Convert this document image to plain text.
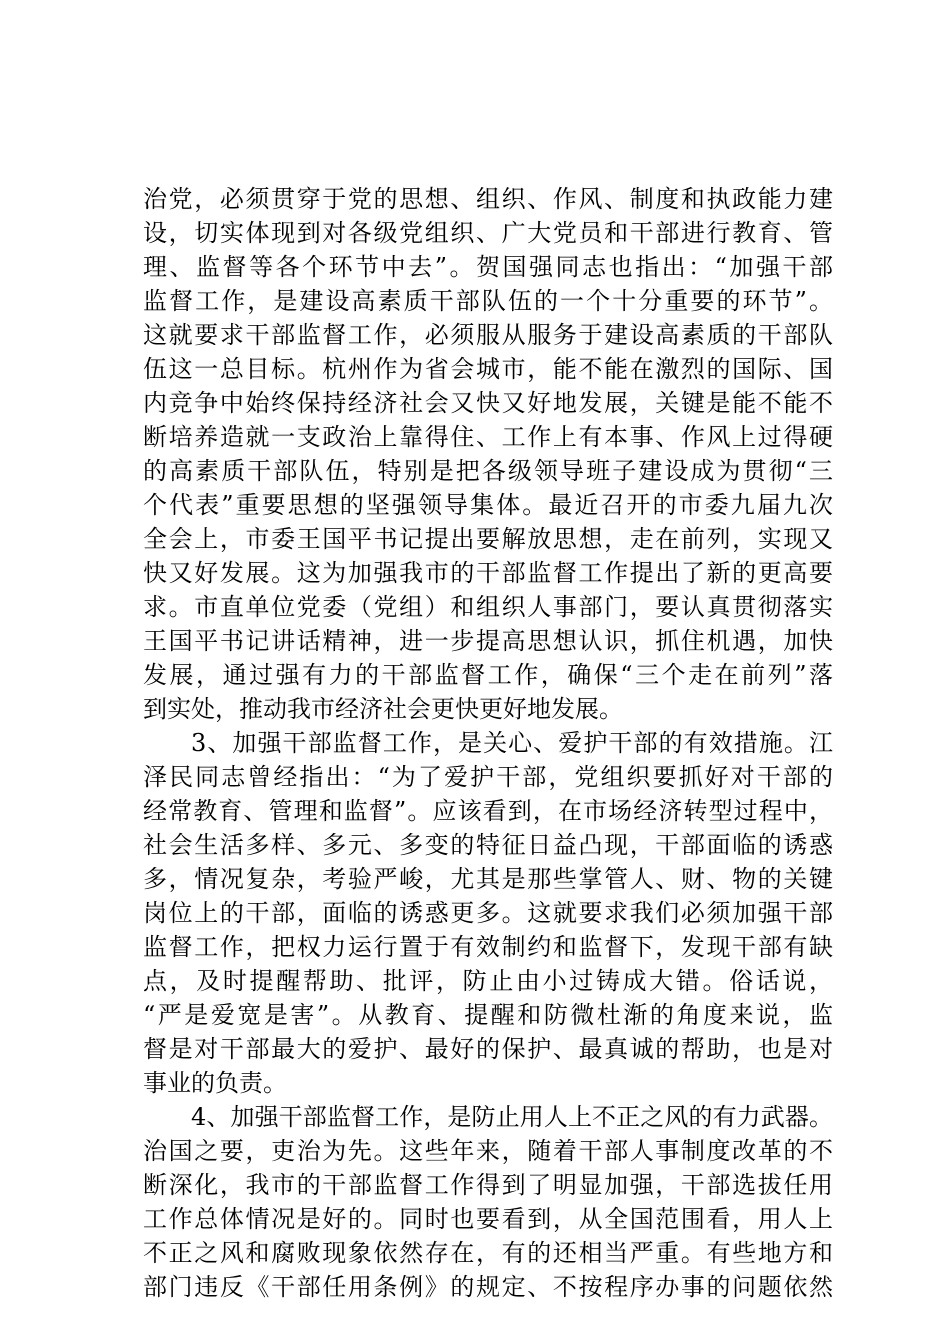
治党，必须贯穿于党的思想、组织、作风、制度和执政能力建
设，切实体现到对各级党组织、广大党员和干部进行教育、管
理、监督等各个环节中去”。贺国强同志也指出：“加强干部
监督工作，是建设高素质干部队伍的一个十分重要的环节”。
这就要求干部监督工作，必须服从服务于建设高素质的干部队
伍这一总目标。杭州作为省会城市，能不能在激烈的国际、国
内竞争中始终保持经济社会又快又好地发展，关键是能不能不
断培养造就一支政治上靠得住、工作上有本事、作风上过得硬
的高素质干部队伍，特别是把各级领导班子建设成为贯彻“三
个代表”重要思想的坚强领导集体。最近召开的市委九届九次
全会上，市委王国平书记提出要解放思想，走在前列，实现又
快又好发展。这为加强我市的干部监督工作提出了新的更高要
求。市直单位党委（党组）和组织人事部门，要认真贯彻落实
王国平书记讲话精神，进一步提高思想认识，抓住机遇，加快
发展，通过强有力的干部监督工作，确保“三个走在前列”落
到实处，推动我市经济社会更快更好地发展。
3、加强干部监督工作，是关心、爱护干部的有效措施。江
泽民同志曾经指出：“为了爱护干部，党组织要抓好对干部的
经常教育、管理和监督”。应该看到，在市场经济转型过程中，
社会生活多样、多元、多变的特征日益凸现，干部面临的诱惑
多，情况复杂，考验严峻，尤其是那些掌管人、财、物的关键
岗位上的干部，面临的诱惑更多。这就要求我们必须加强干部
监督工作，把权力运行置于有效制约和监督下，发现干部有缺
点，及时提醒帮助、批评，防止由小过铸成大错。俗话说，
“严是爱宽是害”。从教育、提醒和防微杜渐的角度来说，监
督是对干部最大的爱护、最好的保护、最真诚的帮助，也是对
事业的负责。
4、加强干部监督工作，是防止用人上不正之风的有力武器。
治国之要，吏治为先。这些年来，随着干部人事制度改革的不
断深化，我市的干部监督工作得到了明显加强，干部选拔任用
工作总体情况是好的。同时也要看到，从全国范围看，用人上
不正之风和腐败现象依然存在，有的还相当严重。有些地方和
部门违反《干部任用条例》的规定、不按程序办事的问题依然
